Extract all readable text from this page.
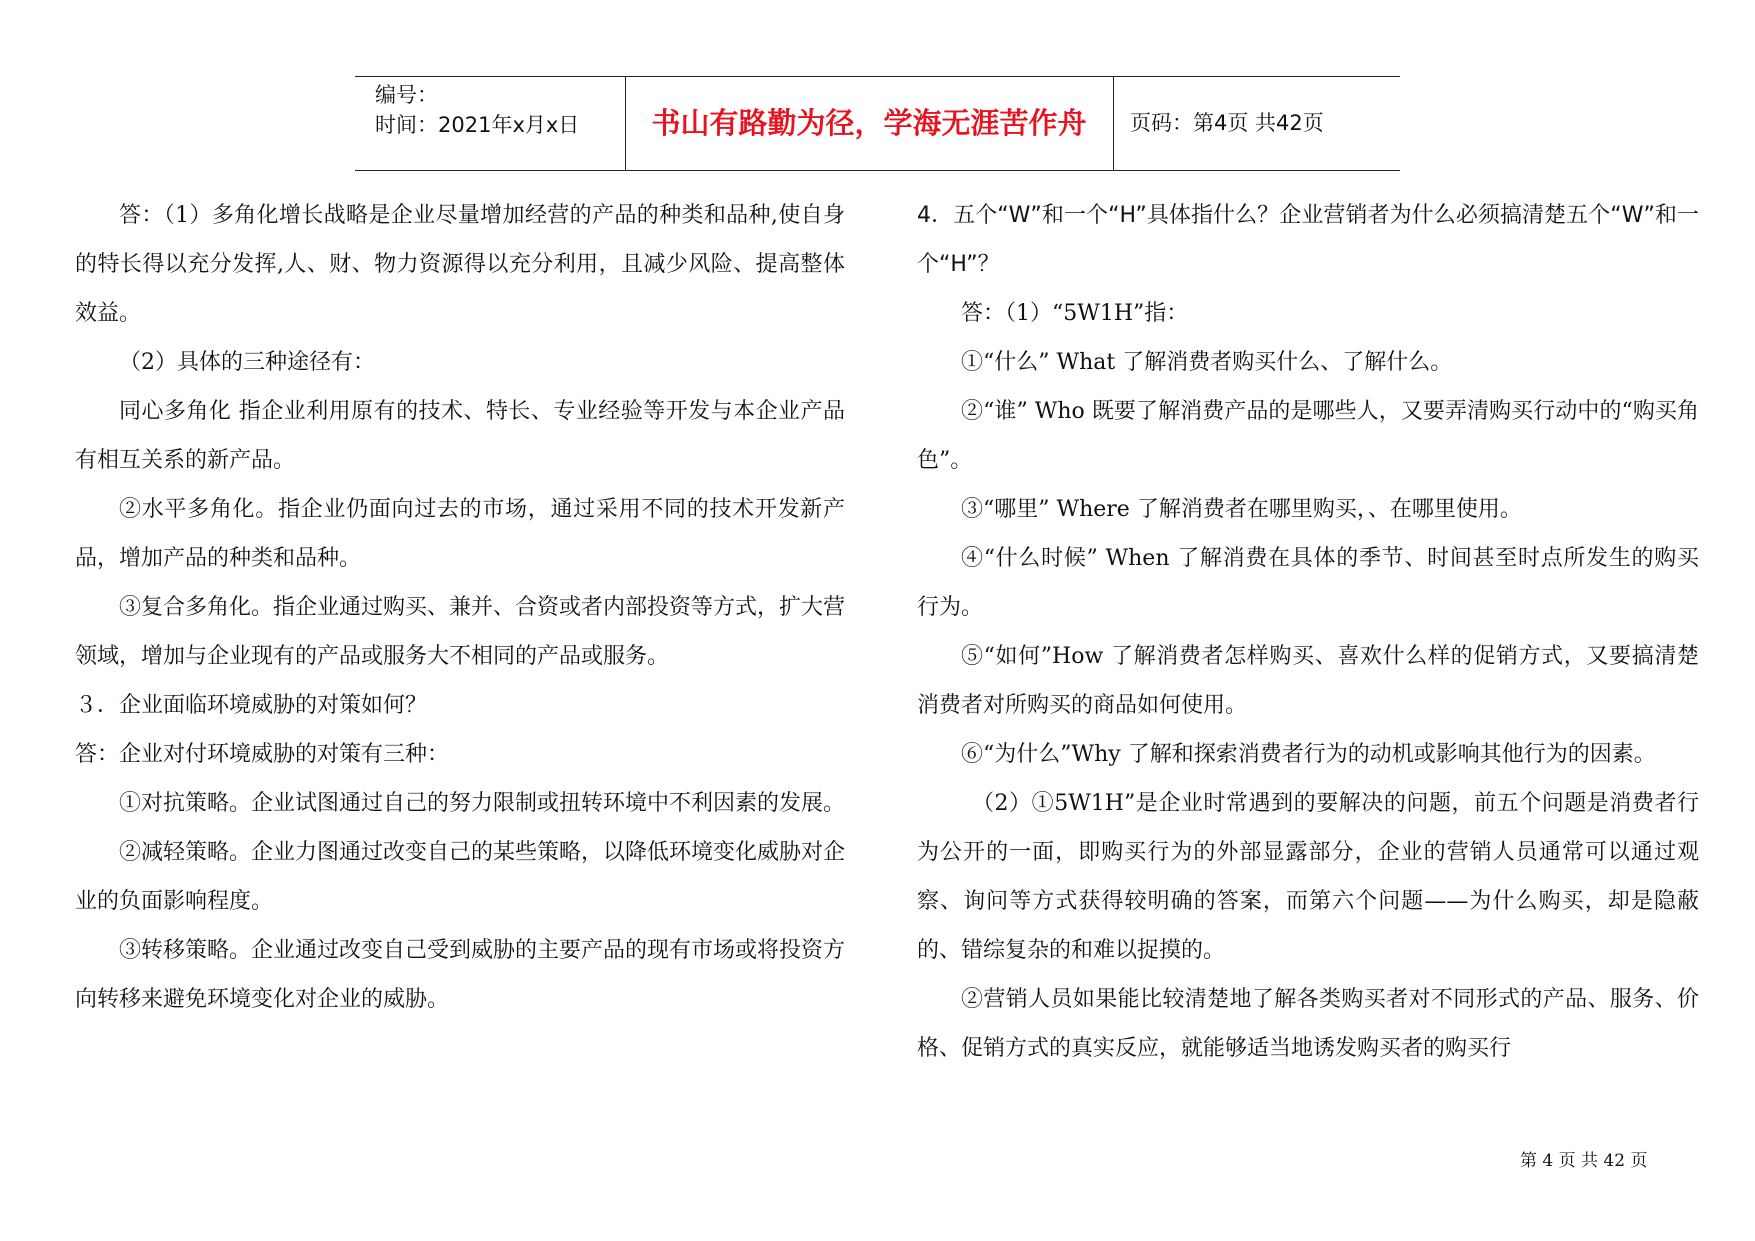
编号：
时间：2021年x月x日	书山有路勤为径，学海无涯苦作舟	页码：第4页 共42页

答：（1）多角化增长战略是企业尽量增加经营的产品的种类和品种,使自身的特长得以充分发挥,人、财、物力资源得以充分利用，且减少风险、提高整体效益。

（2）具体的三种途径有：

同心多角化 指企业利用原有的技术、特长、专业经验等开发与本企业产品有相互关系的新产品。

②水平多角化。指企业仍面向过去的市场，通过采用不同的技术开发新产品，增加产品的种类和品种。

③复合多角化。指企业通过购买、兼并、合资或者内部投资等方式，扩大营领域，增加与企业现有的产品或服务大不相同的产品或服务。

３．企业面临环境威胁的对策如何？

答：企业对付环境威胁的对策有三种：

①对抗策略。企业试图通过自己的努力限制或扭转环境中不利因素的发展。

②减轻策略。企业力图通过改变自己的某些策略，以降低环境变化威胁对企业的负面影响程度。

③转移策略。企业通过改变自己受到威胁的主要产品的现有市场或将投资方向转移来避免环境变化对企业的威胁。

4．五个“W”和一个“H”具体指什么？企业营销者为什么必须搞清楚五个“W”和一个“H”？

答：（1）“5W1H”指：

①“什么” What 了解消费者购买什么、了解什么。

②“谁” Who 既要了解消费产品的是哪些人，又要弄清购买行动中的“购买角色”。

③“哪里” Where 了解消费者在哪里购买，、在哪里使用。

④“什么时候” When 了解消费在具体的季节、时间甚至时点所发生的购买行为。

⑤“如何”How 了解消费者怎样购买、喜欢什么样的促销方式，又要搞清楚消费者对所购买的商品如何使用。

⑥“为什么”Why 了解和探索消费者行为的动机或影响其他行为的因素。

（2）①5W1H”是企业时常遇到的要解决的问题，前五个问题是消费者行为公开的一面，即购买行为的外部显露部分，企业的营销人员通常可以通过观察、询问等方式获得较明确的答案，而第六个问题——为什么购买，却是隐蔽的、错综复杂的和难以捉摸的。

②营销人员如果能比较清楚地了解各类购买者对不同形式的产品、服务、价格、促销方式的真实反应，就能够适当地诱发购买者的购买行

第 4 页 共 42 页
